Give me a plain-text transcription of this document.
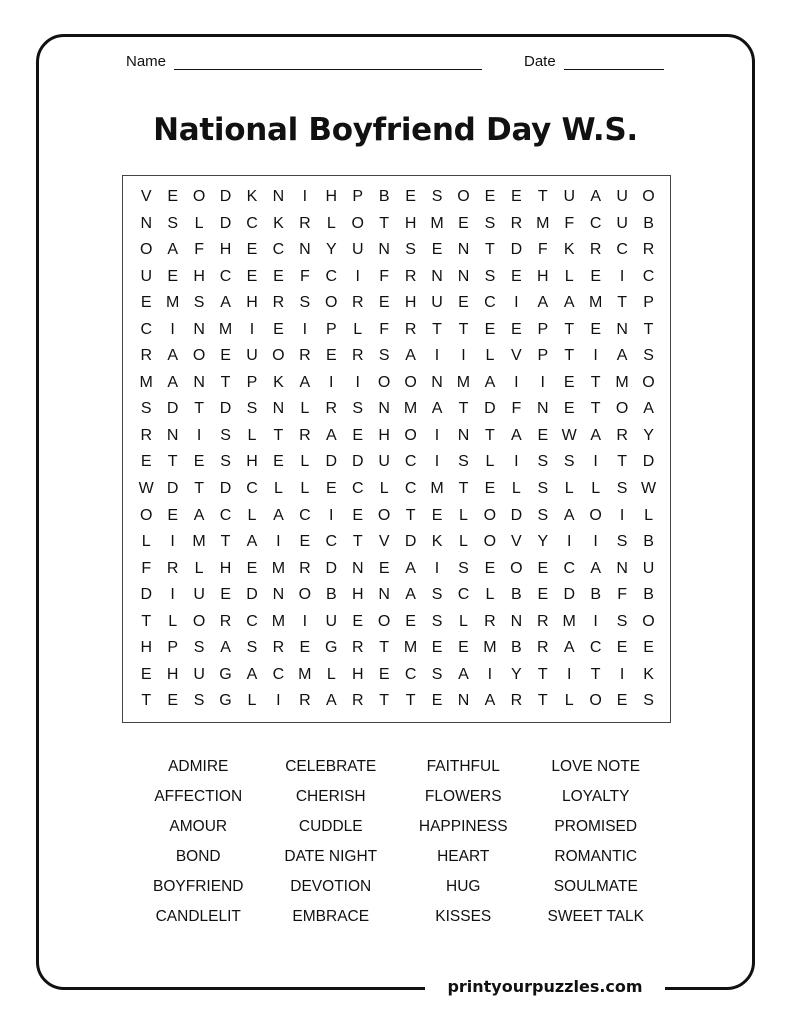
Name	Date
National Boyfriend Day W.S.
V E O D K N	I	H P B E S O E E	T U A U O
N S	L	D C K R	L O T H M E S R M F C U B
O A	F H E C N Y U N S E N T D F	K R C R
U E H C E E	F C	I	F R N N S E H	L	E	I	C
E M S A H R S O R E H U E C	I	A A M T	P
C	I	N M	I	E	I	P	L	F R T	T	E E P	T	E N T
R A O E U O R E R S A	I	I	L	V P	T	I	A S
M A N T	P K A	I	I	O O N M A	I	I	E	T M O
S D T D S N	L	R S N M A	T D F N E	T O A
R N	I	S	L	T R A E H O	I	N T	A E W A R Y
E	T	E S H E	L	D D U C	I	S	L	I	S S	I	T D
W D T D C	L	L	E C	L	C M T	E	L	S	L	L	S W
O E A C	L	A C	I	E O T	E	L O D S A O	I	L
L	I	M T	A	I	E C T	V D K	L O V Y	I	I	S B
F R	L	H E M R D N E A	I	S E O E C A N U
D	I	U E D N O B H N A S C	L	B E D B	F	B
T	L O R C M	I	U E O E S	L	R N R M	I	S O
H P S A S R E G R T M E E M B R A C E E
E H U G A C M L	H E C S A	I	Y	T	I	T	I	K
T	E S G L	I	R A R T	T	E N A R T	L O E S
ADMIRE	CELEBRATE	FAITHFUL	LOVE NOTE
AFFECTION	CHERISH	FLOWERS	LOYALTY
AMOUR	CUDDLE	HAPPINESS	PROMISED
BOND	DATE NIGHT	HEART	ROMANTIC
BOYFRIEND	DEVOTION	HUG	SOULMATE
CANDLELIT	EMBRACE	KISSES	SWEET TALK
printyourpuzzles.com
